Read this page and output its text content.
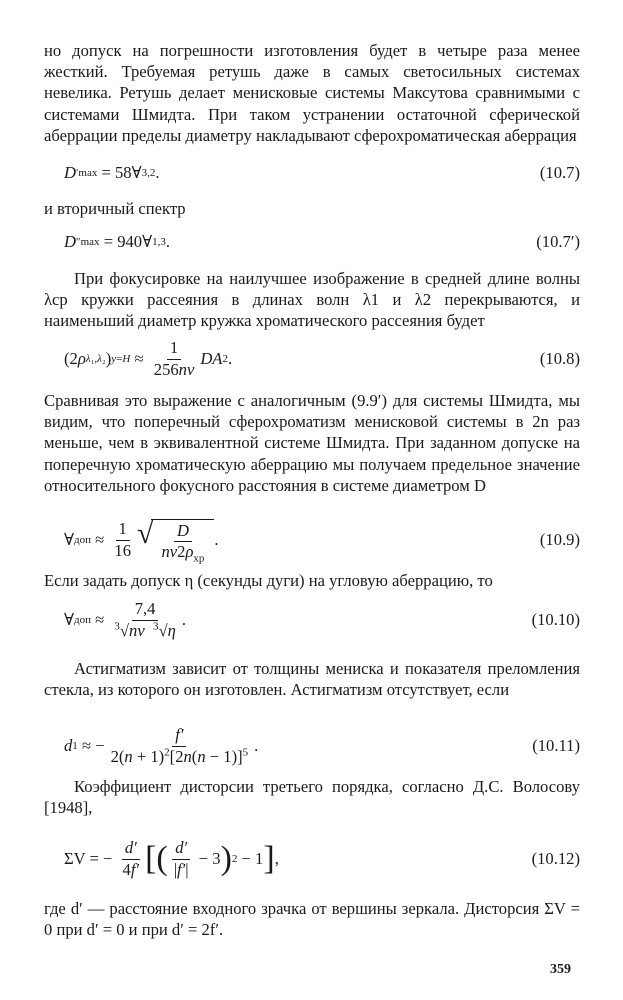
но допуск на погрешности изготовления будет в четыре раза менее жесткий. Требуемая ретушь даже в самых светосильных системах невелика. Ретушь делает менисковые системы Максутова сравнимыми с системами Шмидта. При таком устранении остаточной сферической аберрации пределы диаметру накладывают сферохроматическая аберрация

D ′ max
= 58∀ 3,2 .	(10.7)

и вторичный спектр

D ″ max
= 940∀ 1,3 .	(10.7′)

При фокусировке на наилучшее изображение в средней длине волны λср кружки рассеяния в длинах волн λ1 и λ2 перекрываются, и наименьший диаметр кружка хроматического рассеяния будет

(2 ρ λ₁,λ₂ ) $y=H \approx \frac{1}{256n\nu}$ DA 2 .	(10.8)

Сравнивая это выражение с аналогичным (9.9′) для системы Шмидта, мы видим, что поперечный сферохроматизм менисковой системы в 2n раз меньше, чем в эквивалентной системе Шмидта. При заданном допуске на поперечную хроматическую аберрацию мы получаем предельное значение относительного фокусного расстояния в системе диаметром D

∀ доп ≈ $\frac{1}{16}$ √ $\frac{D}{n\nu 2\rho_{хр}}$ .	(10.9)

Если задать допуск η (секунды дуги) на угловую аберрацию, то

∀ доп ≈ $\frac{7,4}{^3√n\nu ^3√\eta}$ .	(10.10)

Астигматизм зависит от толщины мениска и показателя преломления стекла, из которого он изготовлен. Астигматизм отсутствует, если

d 1 ≈ − $\frac{f'}{2(n + 1)^2[2n(n - 1)]^5}$ .	(10.11)

Коэффициент дисторсии третьего порядка, согласно Д.С. Волосову [1948],

ΣV = − $\frac{d'}{4f'}$ [ ( $\frac{d'}{|f'|} - 3$ ) 2 − 1 ] ,	(10.12)

где d′ — расстояние входного зрачка от вершины зеркала. Дисторсия ΣV = 0 при d′ = 0 и при d′ = 2f′.

359
